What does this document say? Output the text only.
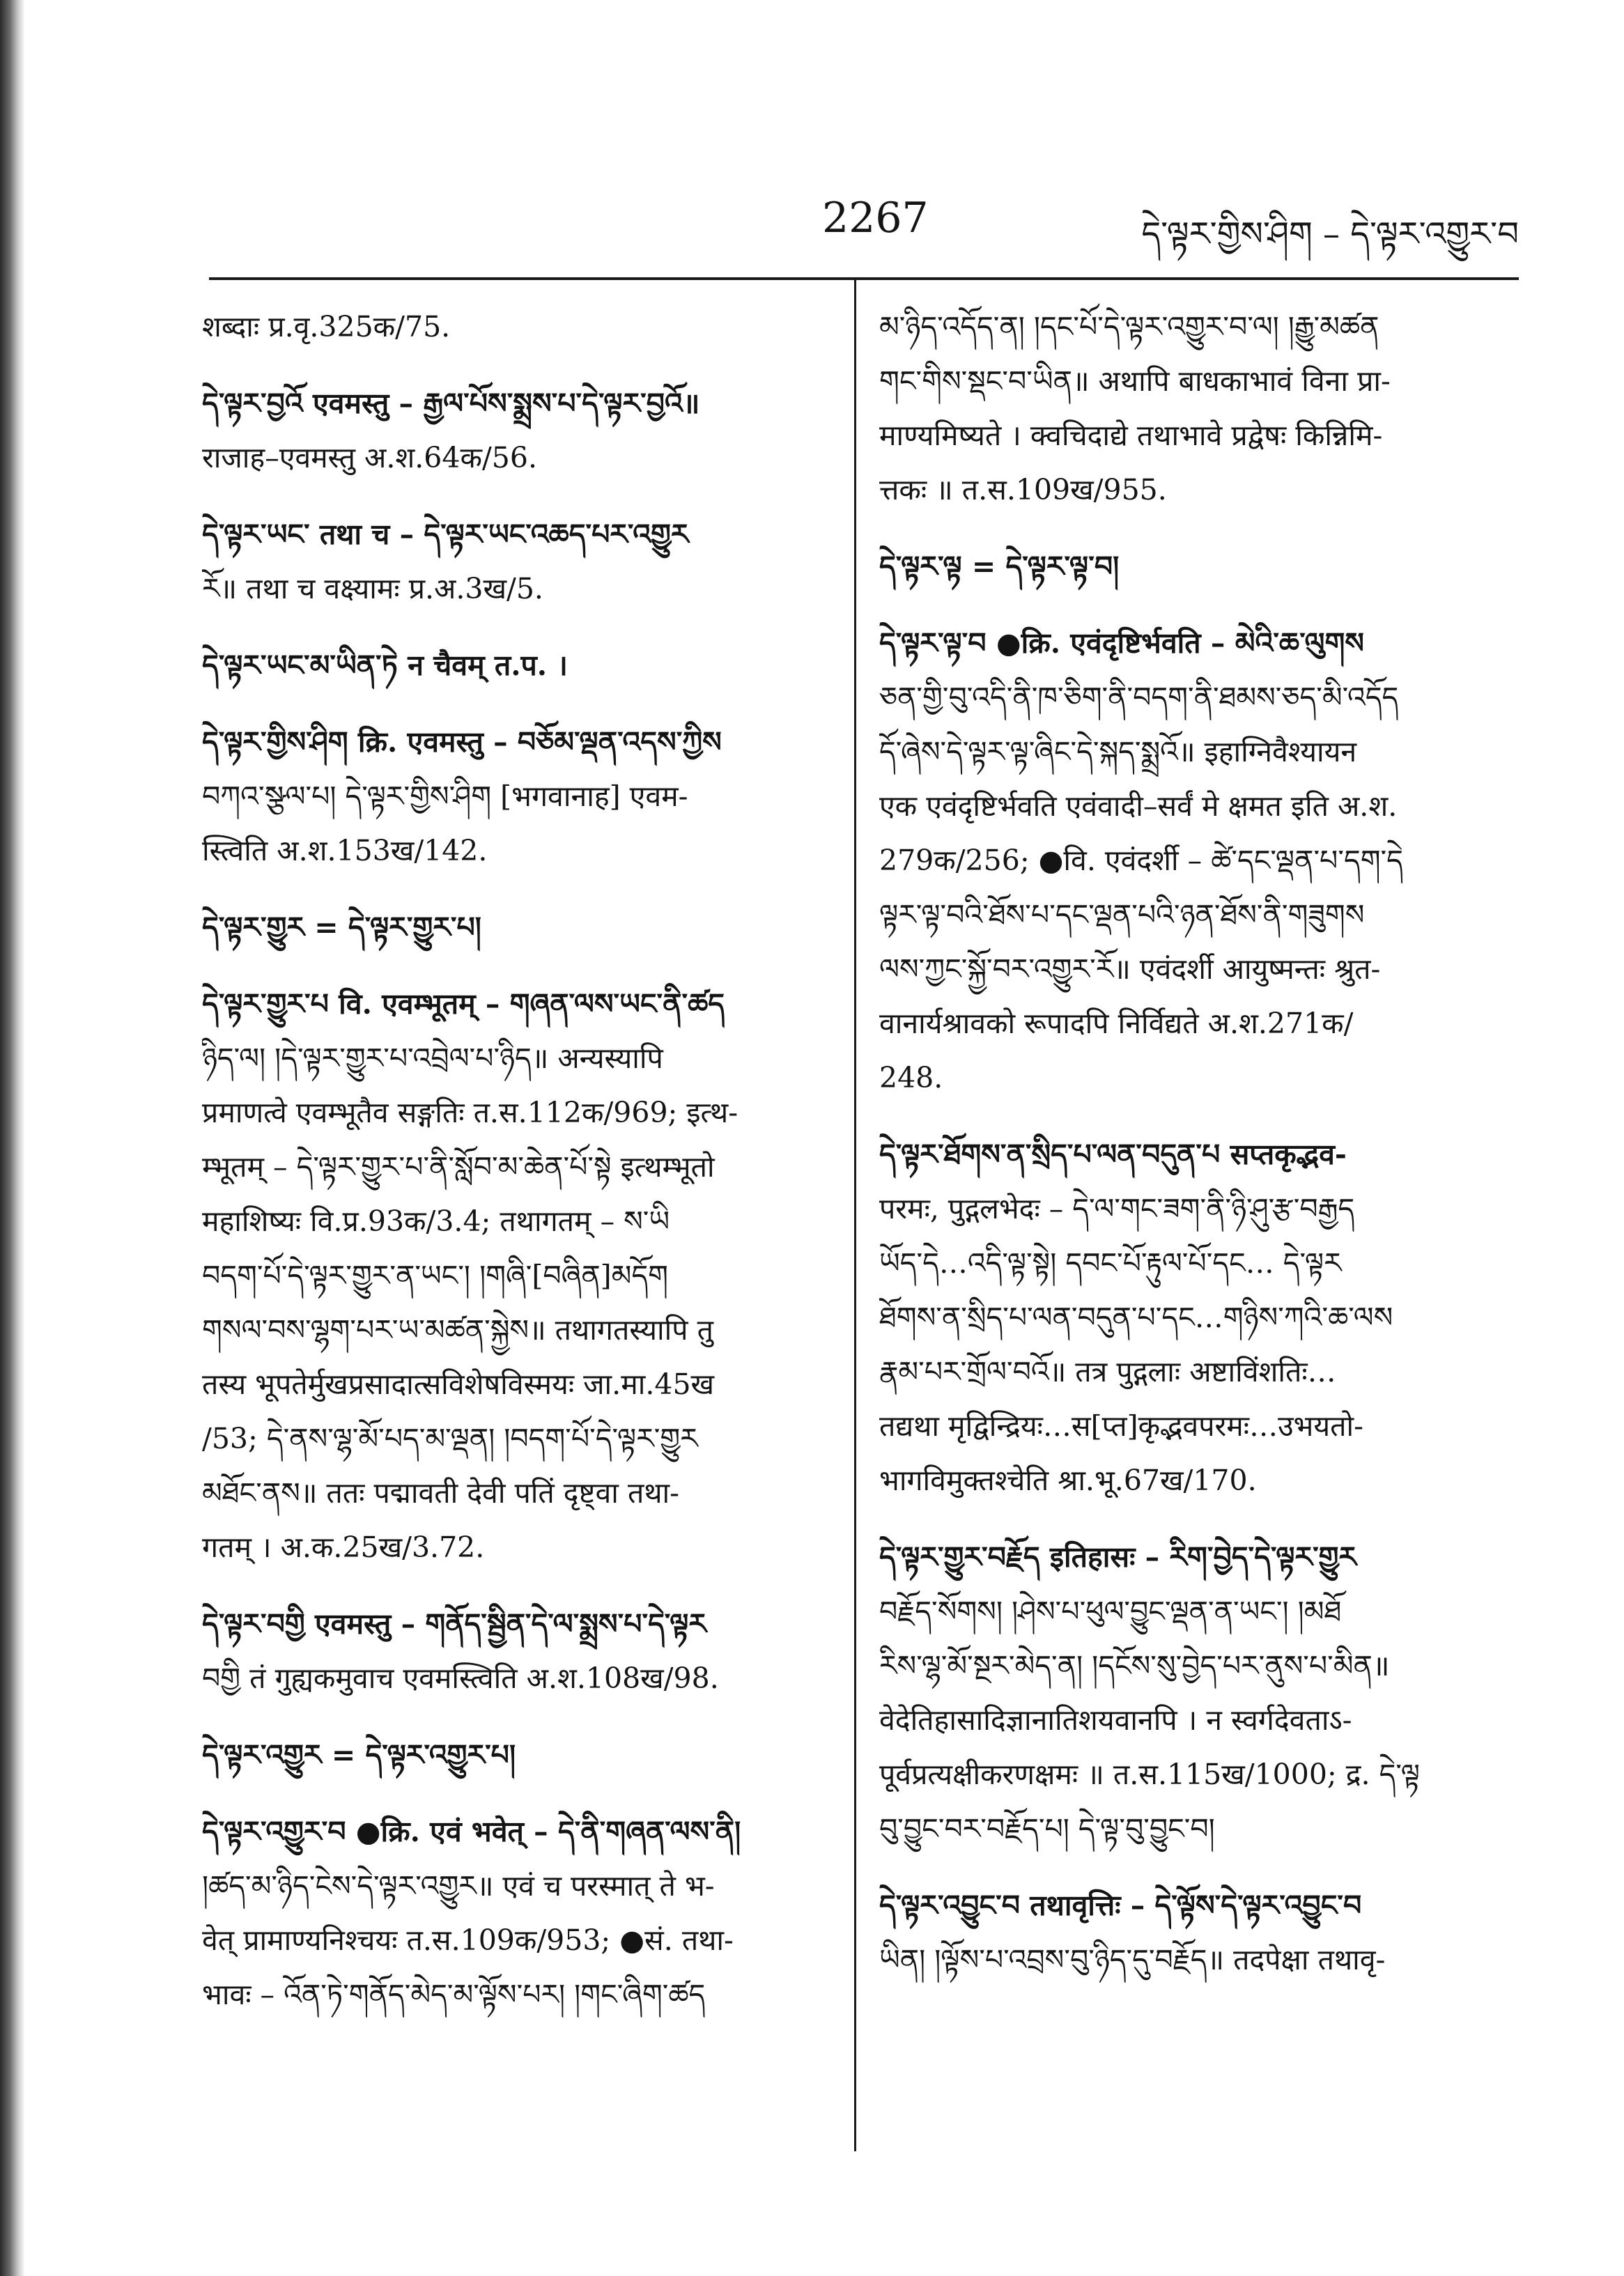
2267	དེ་ལྟར་གྱིས་ཤིག – དེ་ལྟར་འགྱུར་བ
शब्दाः प्र.वृ.325क/75.
དེ་ལྟར་བྱའོ एवमस्तु – རྒྱལ་པོས་སྨྲས་པ་དེ་ལྟར་བྱའོ॥
राजाह–एवमस्तु अ.श.64क/56.
དེ་ལྟར་ཡང་ तथा च – དེ་ལྟར་ཡང་འཆད་པར་འགྱུར
རོ॥ तथा च वक्ष्यामः प्र.अ.3ख/5.
དེ་ལྟར་ཡང་མ་ཡིན་ཏེ न चैवम् त.प. ।
དེ་ལྟར་གྱིས་ཤིག क्रि. एवमस्तु – བཅོམ་ལྡན་འདས་ཀྱིས
བཀའ་སྩལ་པ། དེ་ལྟར་གྱིས་ཤིག [भगवानाह] एवम-
स्त्विति अ.श.153ख/142.
དེ་ལྟར་གྱུར = དེ་ལྟར་གྱུར་པ།
དེ་ལྟར་གྱུར་པ वि. एवम्भूतम् – གཞན་ལས་ཡང་ནི་ཚད
ཉིད་ལ། །དེ་ལྟར་གྱུར་པ་འབྲེལ་པ་ཉིད॥ अन्यस्यापि
प्रमाणत्वे एवम्भूतैव सङ्गतिः त.स.112क/969; इत्थ-
म्भूतम् – དེ་ལྟར་གྱུར་པ་ནི་སློབ་མ་ཆེན་པོ་སྟེ इत्थम्भूतो
महाशिष्यः वि.प्र.93क/3.4; तथागतम् – ས་ཡི
བདག་པོ་དེ་ལྟར་གྱུར་ན་ཡང་། །གཞི་[བཞིན]མདོག
གསལ་བས་ལྷག་པར་ཡ་མཚན་སྐྱེས॥ तथागतस्यापि तु
तस्य भूपतेर्मुखप्रसादात्सविशेषविस्मयः जा.मा.45ख
/53; དེ་ནས་ལྷ་མོ་པད་མ་ལྡན། །བདག་པོ་དེ་ལྟར་གྱུར
མཐོང་ནས॥ ततः पद्मावती देवी पतिं दृष्ट्वा तथा-
गतम् । अ.क.25ख/3.72.
དེ་ལྟར་བགྱི एवमस्तु – གནོད་སྦྱིན་དེ་ལ་སྨྲས་པ་དེ་ལྟར
བགྱི तं गुह्यकमुवाच एवमस्त्विति अ.श.108ख/98.
དེ་ལྟར་འགྱུར = དེ་ལྟར་འགྱུར་པ།
དེ་ལྟར་འགྱུར་བ ●क्रि. एवं भवेत् – དེ་ནི་གཞན་ལས་ནི།
།ཚད་མ་ཉིད་ངེས་དེ་ལྟར་འགྱུར॥ एवं च परस्मात् ते भ-
वेत् प्रामाण्यनिश्चयः त.स.109क/953; ●सं. तथा-
भावः – འོན་ཏེ་གནོད་མེད་མ་ལྟོས་པར། །གང་ཞིག་ཚད
མ་ཉིད་འདོད་ན། །དང་པོ་དེ་ལྟར་འགྱུར་བ་ལ། །རྒྱུ་མཚན
གང་གིས་སྡང་བ་ཡིན॥ अथापि बाधकाभावं विना प्रा-
माण्यमिष्यते । क्वचिदाद्ये तथाभावे प्रद्वेषः किन्निमि-
त्तकः ॥ त.स.109ख/955.
དེ་ལྟར་ལྟ = དེ་ལྟར་ལྟ་བ།
དེ་ལྟར་ལྟ་བ ●क्रि. एवंदृष्टिर्भवति – མེའི་ཆ་ལུགས
ཅན་གྱི་བུ་འདི་ནི་ཁ་ཅིག་ནི་བདག་ནི་ཐམས་ཅད་མི་འདོད
དོ་ཞེས་དེ་ལྟར་ལྟ་ཞིང་དེ་སྐད་སྨྲའོ॥ इहाग्निवैश्यायन
एक एवंदृष्टिर्भवति एवंवादी–सर्वं मे क्षमत इति अ.श.
279क/256; ●वि. एवंदर्शी – ཚེ་དང་ལྡན་པ་དག་དེ
ལྟར་ལྟ་བའི་ཐོས་པ་དང་ལྡན་པའི་ཉན་ཐོས་ནི་གཟུགས
ལས་ཀྱང་སྐྱོ་བར་འགྱུར་རོ॥ एवंदर्शी आयुष्मन्तः श्रुत-
वानार्यश्रावको रूपादपि निर्विद्यते अ.श.271क/
248.
དེ་ལྟར་ཐོགས་ན་སྲིད་པ་ལན་བདུན་པ सप्तकृद्भव-
परमः, पुद्गलभेदः – དེ་ལ་གང་ཟག་ནི་ཉི་ཤུ་རྩ་བརྒྱད
ཡོད་དེ…འདི་ལྟ་སྟེ། དབང་པོ་རྟུལ་པོ་དང… དེ་ལྟར
ཐོགས་ན་སྲིད་པ་ལན་བདུན་པ་དང…གཉིས་ཀའི་ཆ་ལས
རྣམ་པར་གྲོལ་བའོ॥ तत्र पुद्गलाः अष्टाविंशतिः…
तद्यथा मृद्विन्द्रियः…स[प्त]कृद्भवपरमः…उभयतो-
भागविमुक्तश्चेति श्रा.भू.67ख/170.
དེ་ལྟར་གྱུར་བརྗོད इतिहासः – རིག་བྱེད་དེ་ལྟར་གྱུར
བརྗོད་སོགས། །ཤེས་པ་ཕུལ་བྱུང་ལྡན་ན་ཡང་། །མཐོ
རིས་ལྷ་མོ་སྔར་མེད་ན། །དངོས་སུ་བྱེད་པར་ནུས་པ་མིན॥
वेदेतिहासादिज्ञानातिशयवानपि । न स्वर्गदेवताऽ-
पूर्वप्रत्यक्षीकरणक्षमः ॥ त.स.115ख/1000; द्र. དེ་ལྟ
བུ་བྱུང་བར་བརྗོད་པ། དེ་ལྟ་བུ་བྱུང་བ།
དེ་ལྟར་འབྱུང་བ तथावृत्तिः – དེ་ལྟོས་དེ་ལྟར་འབྱུང་བ
ཡིན། །ལྟོས་པ་འབྲས་བུ་ཉིད་དུ་བརྗོད॥ तदपेक्षा तथावृ-
